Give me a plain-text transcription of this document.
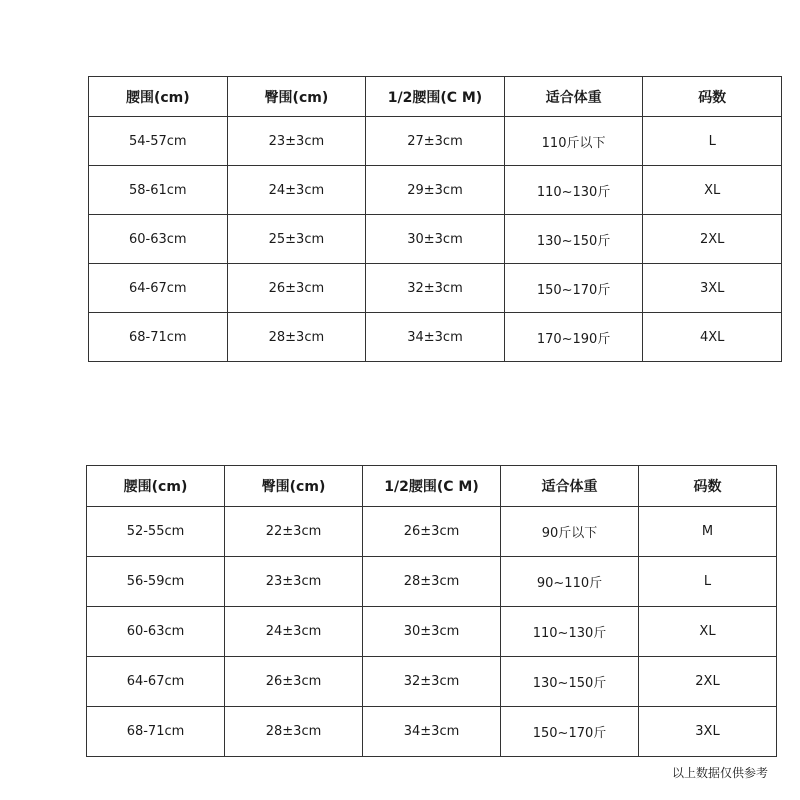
腰围(cm)	臀围(cm)	1/2腰围(C M)	适合体重	码数
54-57cm	23±3cm	27±3cm	110斤以下	L
58-61cm	24±3cm	29±3cm	110~130斤	XL
60-63cm	25±3cm	30±3cm	130~150斤	2XL
64-67cm	26±3cm	32±3cm	150~170斤	3XL
68-71cm	28±3cm	34±3cm	170~190斤	4XL
腰围(cm)	臀围(cm)	1/2腰围(C M)	适合体重	码数
52-55cm	22±3cm	26±3cm	90斤以下	M
56-59cm	23±3cm	28±3cm	90~110斤	L
60-63cm	24±3cm	30±3cm	110~130斤	XL
64-67cm	26±3cm	32±3cm	130~150斤	2XL
68-71cm	28±3cm	34±3cm	150~170斤	3XL
以上数据仅供参考
